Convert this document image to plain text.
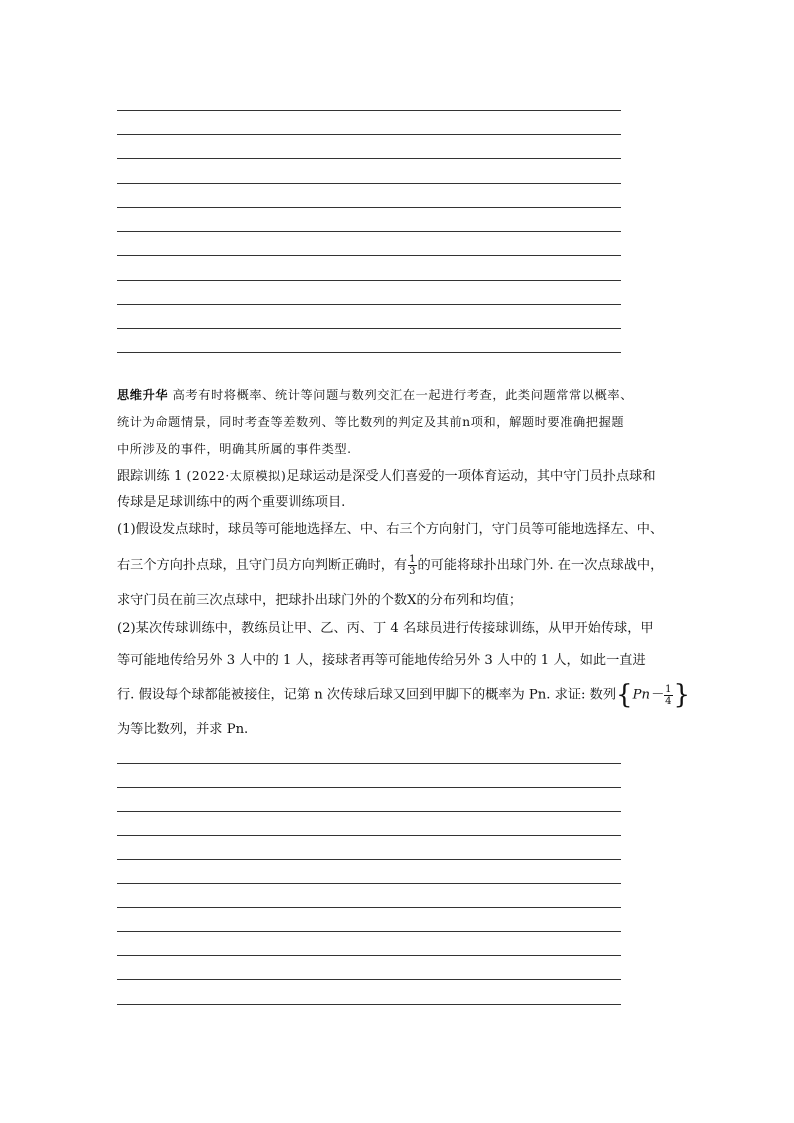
思维升华 高考有时将概率、统计等问题与数列交汇在一起进行考查，此类问题常常以概率、
统计为命题情景，同时考查等差数列、等比数列的判定及其前n项和，解题时要准确把握题
中所涉及的事件，明确其所属的事件类型.
跟踪训练 1 (2022·太原模拟)足球运动是深受人们喜爱的一项体育运动，其中守门员扑点球和
传球是足球训练中的两个重要训练项目.
(1)假设发点球时，球员等可能地选择左、中、右三个方向射门，守门员等可能地选择左、中、
右三个方向扑点球，且守门员方向判断正确时，有 $\frac{1}{3}$ 的可能将球扑出球门外. 在一次点球战中，
求守门员在前三次点球中，把球扑出球门外的个数X的分布列和均值；
(2)某次传球训练中，教练员让甲、乙、丙、丁 4 名球员进行传接球训练，从甲开始传球，甲
等可能地传给另外 3 人中的 1 人，接球者再等可能地传给另外 3 人中的 1 人，如此一直进
行. 假设每个球都能被接住，记第 n 次传球后球又回到甲脚下的概率为 Pn. 求证: 数列{$Pn- \frac{1}{4}$ }
为等比数列，并求 Pn.
